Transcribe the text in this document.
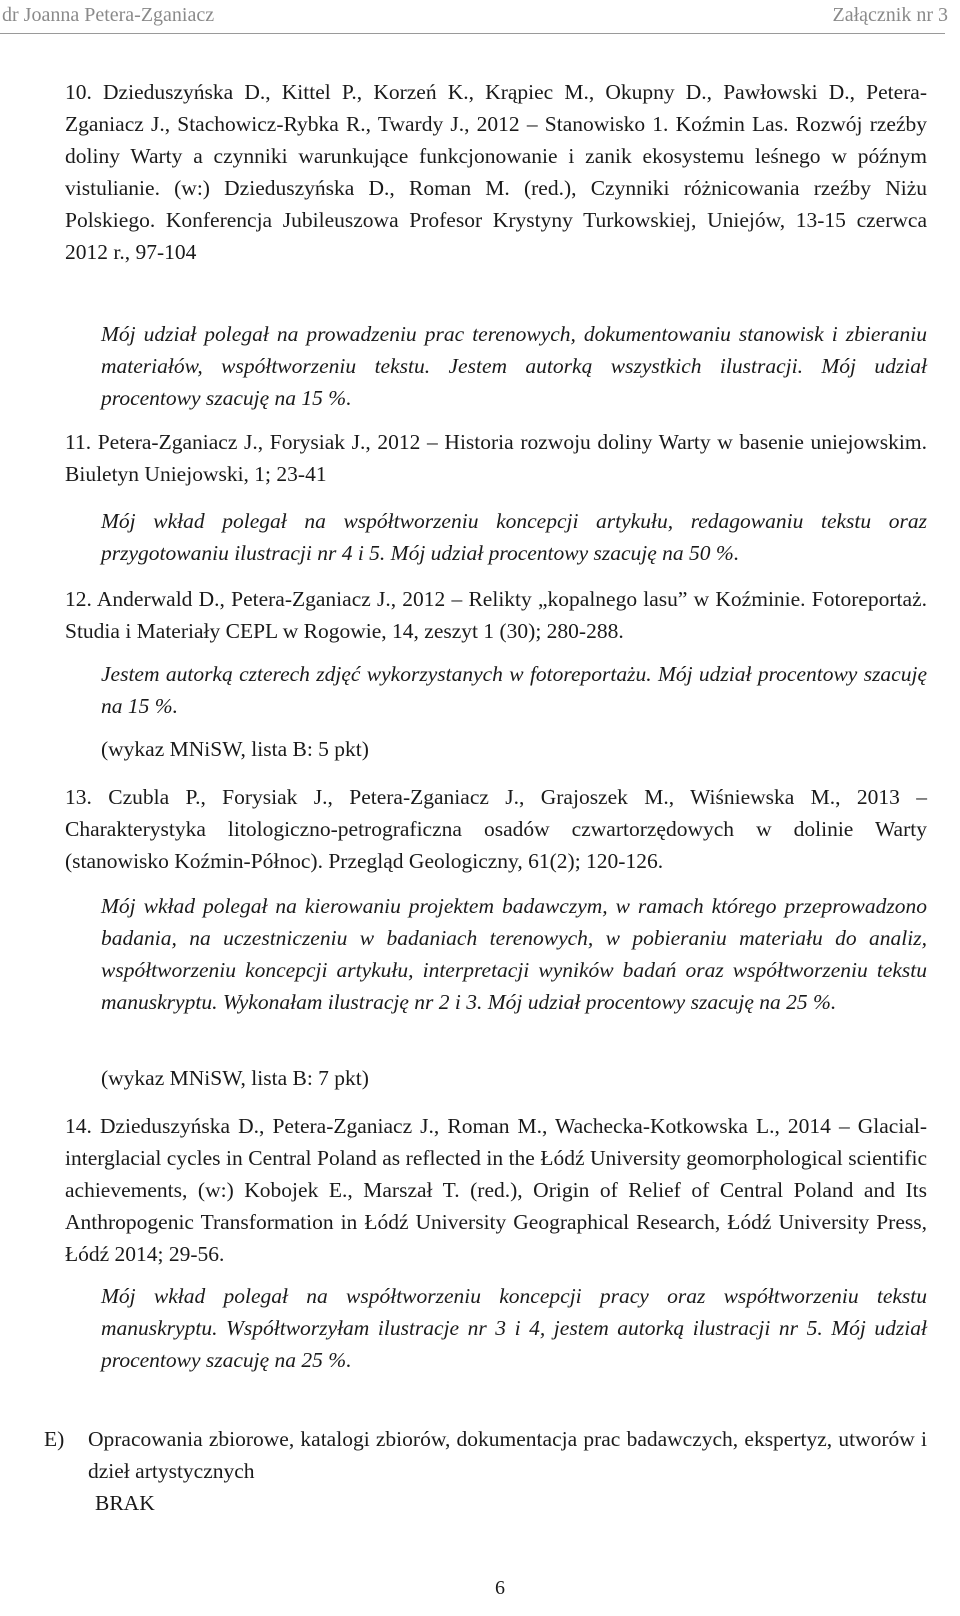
dr Joanna Petera-Zganiacz	Załącznik nr 3
10. Dzieduszyńska D., Kittel P., Korzeń K., Krąpiec M., Okupny D., Pawłowski D., Petera-Zganiacz J., Stachowicz-Rybka R., Twardy J., 2012 – Stanowisko 1. Koźmin Las. Rozwój rzeźby doliny Warty a czynniki warunkujące funkcjonowanie i zanik ekosystemu leśnego w późnym vistulianie. (w:) Dzieduszyńska D., Roman M. (red.), Czynniki różnicowania rzeźby Niżu Polskiego. Konferencja Jubileuszowa Profesor Krystyny Turkowskiej, Uniejów, 13-15 czerwca 2012 r., 97-104
Mój udział polegał na prowadzeniu prac terenowych, dokumentowaniu stanowisk i zbieraniu materiałów, współtworzeniu tekstu. Jestem autorką wszystkich ilustracji. Mój udział procentowy szacuję na 15 %.
11. Petera-Zganiacz J., Forysiak J., 2012 – Historia rozwoju doliny Warty w basenie uniejowskim. Biuletyn Uniejowski, 1; 23-41
Mój wkład polegał na współtworzeniu koncepcji artykułu, redagowaniu tekstu oraz przygotowaniu ilustracji nr 4 i 5. Mój udział procentowy szacuję na 50 %.
12. Anderwald D., Petera-Zganiacz J., 2012 – Relikty „kopalnego lasu” w Koźminie. Fotoreportaż. Studia i Materiały CEPL w Rogowie, 14, zeszyt 1 (30); 280-288.
Jestem autorką czterech zdjęć wykorzystanych w fotoreportażu. Mój udział procentowy szacuję na 15 %.
(wykaz MNiSW, lista B: 5 pkt)
13. Czubla P., Forysiak J., Petera-Zganiacz J., Grajoszek M., Wiśniewska M., 2013 – Charakterystyka litologiczno-petrograficzna osadów czwartorzędowych w dolinie Warty (stanowisko Koźmin-Północ). Przegląd Geologiczny, 61(2); 120-126.
Mój wkład polegał na kierowaniu projektem badawczym, w ramach którego przeprowadzono badania, na uczestniczeniu w badaniach terenowych, w pobieraniu materiału do analiz, współtworzeniu koncepcji artykułu, interpretacji wyników badań oraz współtworzeniu tekstu manuskryptu. Wykonałam ilustrację nr 2 i 3. Mój udział procentowy szacuję na 25 %.
(wykaz MNiSW, lista B: 7 pkt)
14. Dzieduszyńska D., Petera-Zganiacz J., Roman M., Wachecka-Kotkowska L., 2014 – Glacial-interglacial cycles in Central Poland as reflected in the Łódź University geomorphological scientific achievements, (w:) Kobojek E., Marszał T. (red.), Origin of Relief of Central Poland and Its Anthropogenic Transformation in Łódź University Geographical Research, Łódź University Press, Łódź 2014; 29-56.
Mój wkład polegał na współtworzeniu koncepcji pracy oraz współtworzeniu tekstu manuskryptu. Współtworzyłam ilustracje nr 3 i 4, jestem autorką ilustracji nr 5. Mój udział procentowy szacuję na 25 %.
E) Opracowania zbiorowe, katalogi zbiorów, dokumentacja prac badawczych, ekspertyz, utworów i dzieł artystycznych
BRAK
6
